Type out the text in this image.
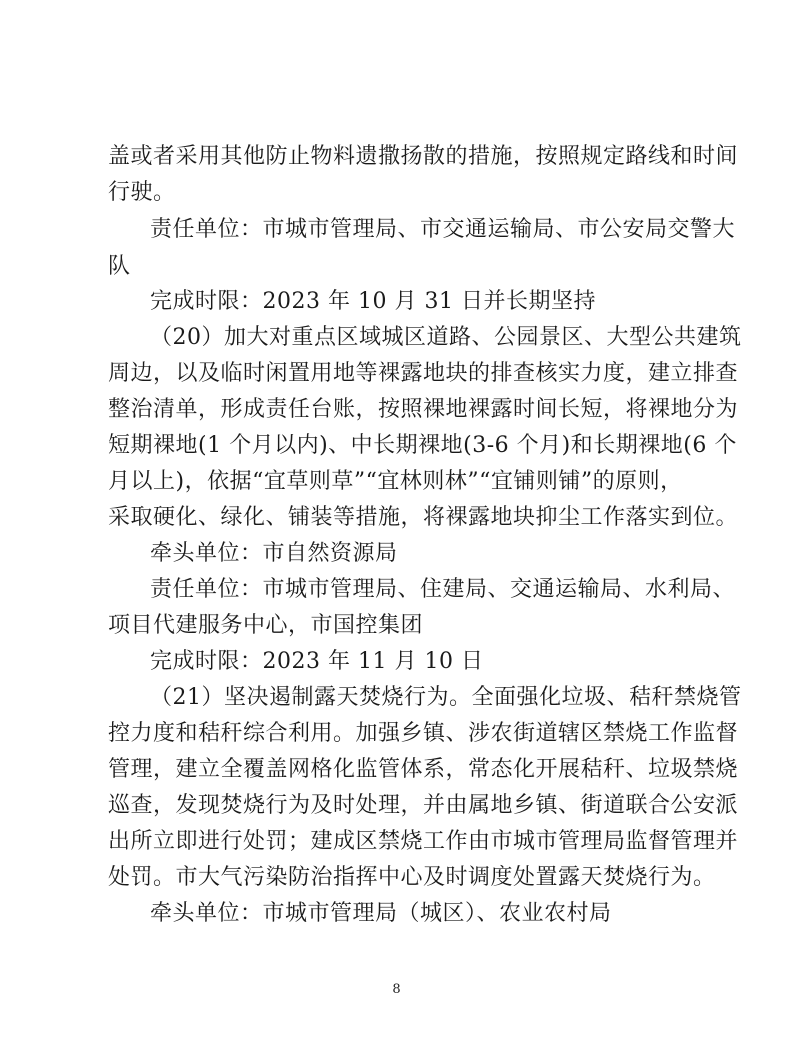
盖或者采用其他防止物料遗撒扬散的措施，按照规定路线和时间
行驶。
责任单位：市城市管理局、市交通运输局、市公安局交警大
队
完成时限：2023 年 10 月 31 日并长期坚持
（20）加大对重点区域城区道路、公园景区、大型公共建筑
周边，以及临时闲置用地等裸露地块的排查核实力度，建立排查
整治清单，形成责任台账，按照裸地裸露时间长短，将裸地分为
短期裸地(1 个月以内)、中长期裸地(3-6 个月)和长期裸地(6 个
月以上)，依据“宜草则草”“宜林则林”“宜铺则铺”的原则，
采取硬化、绿化、铺装等措施，将裸露地块抑尘工作落实到位。
牵头单位：市自然资源局
责任单位：市城市管理局、住建局、交通运输局、水利局、
项目代建服务中心，市国控集团
完成时限：2023 年 11 月 10 日
（21）坚决遏制露天焚烧行为。全面强化垃圾、秸秆禁烧管
控力度和秸秆综合利用。加强乡镇、涉农街道辖区禁烧工作监督
管理，建立全覆盖网格化监管体系，常态化开展秸秆、垃圾禁烧
巡查，发现焚烧行为及时处理，并由属地乡镇、街道联合公安派
出所立即进行处罚；建成区禁烧工作由市城市管理局监督管理并
处罚。市大气污染防治指挥中心及时调度处置露天焚烧行为。
牵头单位：市城市管理局（城区）、农业农村局
8
